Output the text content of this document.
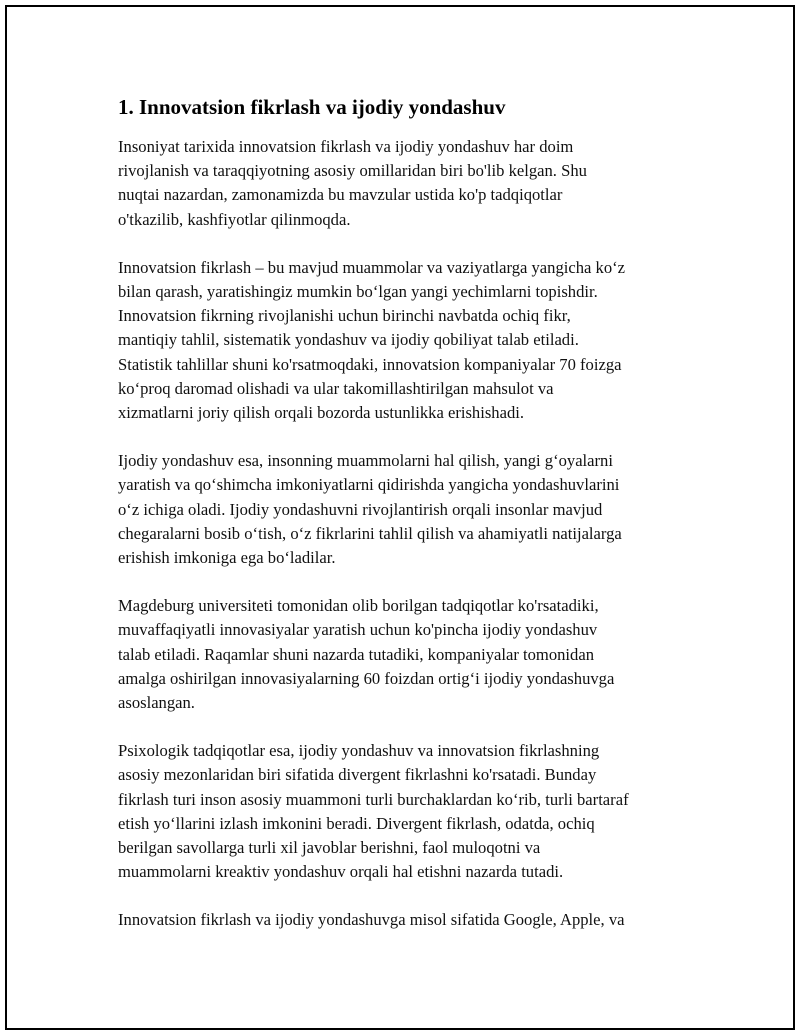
1. Innovatsion fikrlash va ijodiy yondashuv

Insoniyat tarixida innovatsion fikrlash va ijodiy yondashuv har doim
rivojlanish va taraqqiyotning asosiy omillaridan biri bo'lib kelgan. Shu
nuqtai nazardan, zamonamizda bu mavzular ustida ko'p tadqiqotlar
o'tkazilib, kashfiyotlar qilinmoqda.

Innovatsion fikrlash – bu mavjud muammolar va vaziyatlarga yangicha ko‘z
bilan qarash, yaratishingiz mumkin bo‘lgan yangi yechimlarni topishdir.
Innovatsion fikrning rivojlanishi uchun birinchi navbatda ochiq fikr,
mantiqiy tahlil, sistematik yondashuv va ijodiy qobiliyat talab etiladi.
Statistik tahlillar shuni ko'rsatmoqdaki, innovatsion kompaniyalar 70 foizga
ko‘proq daromad olishadi va ular takomillashtirilgan mahsulot va
xizmatlarni joriy qilish orqali bozorda ustunlikka erishishadi.

Ijodiy yondashuv esa, insonning muammolarni hal qilish, yangi g‘oyalarni
yaratish va qo‘shimcha imkoniyatlarni qidirishda yangicha yondashuvlarini
o‘z ichiga oladi. Ijodiy yondashuvni rivojlantirish orqali insonlar mavjud
chegaralarni bosib o‘tish, o‘z fikrlarini tahlil qilish va ahamiyatli natijalarga
erishish imkoniga ega bo‘ladilar.

Magdeburg universiteti tomonidan olib borilgan tadqiqotlar ko'rsatadiki,
muvaffaqiyatli innovasiyalar yaratish uchun ko'pincha ijodiy yondashuv
talab etiladi. Raqamlar shuni nazarda tutadiki, kompaniyalar tomonidan
amalga oshirilgan innovasiyalarning 60 foizdan ortig‘i ijodiy yondashuvga
asoslangan.

Psixologik tadqiqotlar esa, ijodiy yondashuv va innovatsion fikrlashning
asosiy mezonlaridan biri sifatida divergent fikrlashni ko'rsatadi. Bunday
fikrlash turi inson asosiy muammoni turli burchaklardan ko‘rib, turli bartaraf
etish yo‘llarini izlash imkonini beradi. Divergent fikrlash, odatda, ochiq
berilgan savollarga turli xil javoblar berishni, faol muloqotni va
muammolarni kreaktiv yondashuv orqali hal etishni nazarda tutadi.

Innovatsion fikrlash va ijodiy yondashuvga misol sifatida Google, Apple, va
